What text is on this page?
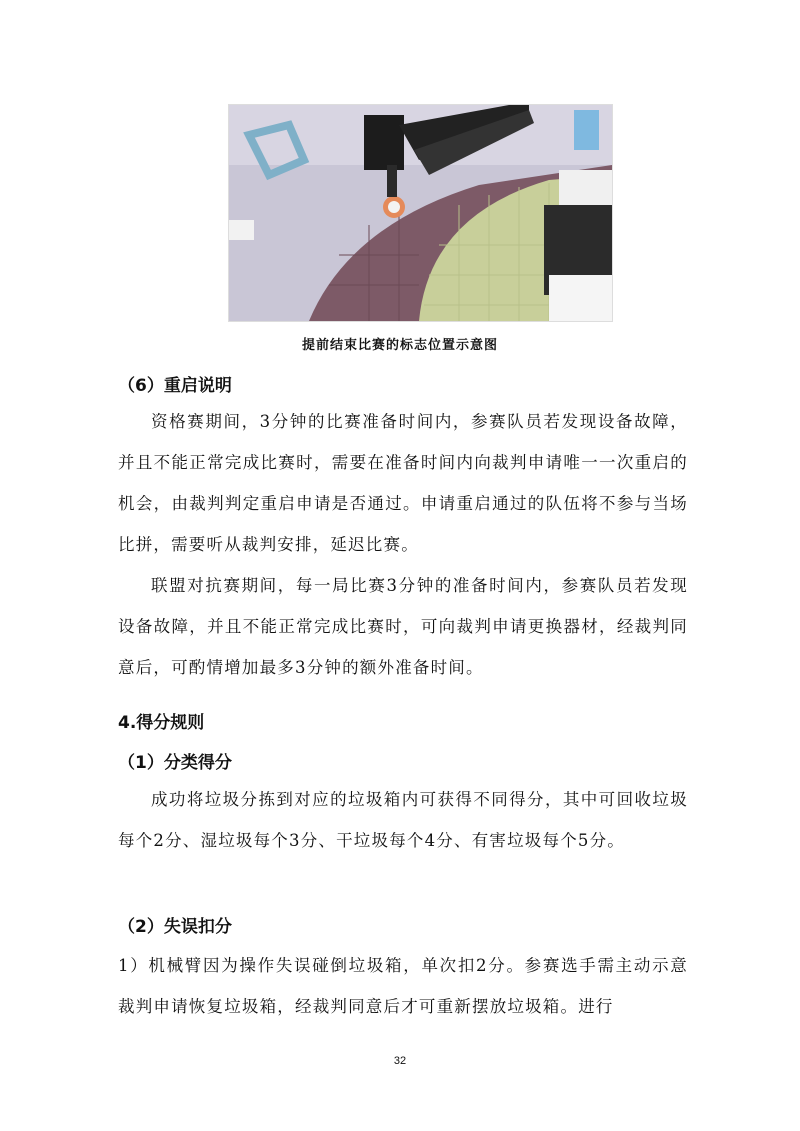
提前结束比赛的标志位置示意图
（6）重启说明
资格赛期间，3分钟的比赛准备时间内，参赛队员若发现设备故障，并且不能正常完成比赛时，需要在准备时间内向裁判申请唯一一次重启的机会，由裁判判定重启申请是否通过。申请重启通过的队伍将不参与当场比拼，需要听从裁判安排，延迟比赛。
联盟对抗赛期间，每一局比赛3分钟的准备时间内，参赛队员若发现设备故障，并且不能正常完成比赛时，可向裁判申请更换器材，经裁判同意后，可酌情增加最多3分钟的额外准备时间。
4.得分规则
（1）分类得分
成功将垃圾分拣到对应的垃圾箱内可获得不同得分，其中可回收垃圾每个2分、湿垃圾每个3分、干垃圾每个4分、有害垃圾每个5分。
（2）失误扣分
1）机械臂因为操作失误碰倒垃圾箱，单次扣2分。参赛选手需主动示意裁判申请恢复垃圾箱，经裁判同意后才可重新摆放垃圾箱。进行
32
